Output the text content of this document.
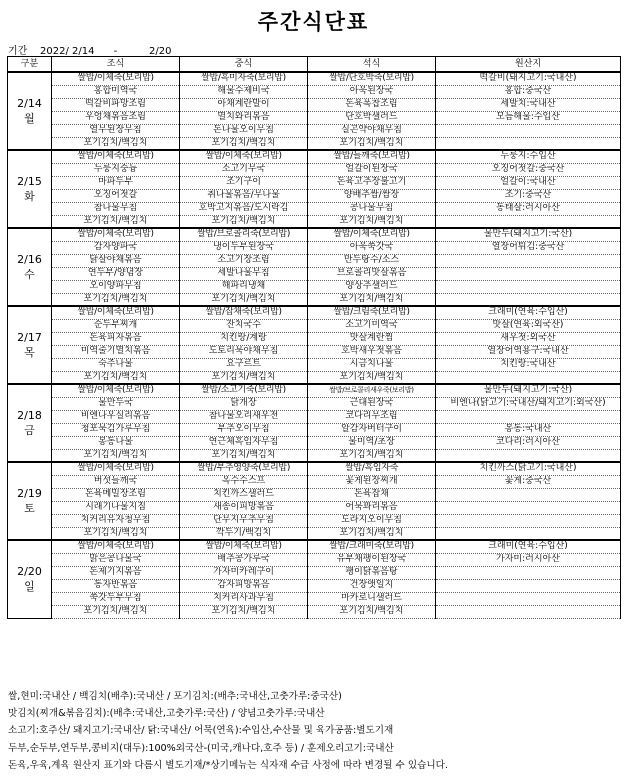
주간식단표
기간 2022/ 2/14 -	2/20
구분	조식	중식	석식	원산지

2/14
월	쌀밥/이체죽(보리밥)	쌀밥/흑미자죽(보리밥)	쌀밥/단호박죽(보리밥)	떡갈비(돼지고기:국내산)
	홍합미역국	해물수제비국	아욱된장국	홍합:중국산
	떡갈비파망조림	아채계란말이	돈육폭찹조림	세발치:국내산
	우엉채볶음조림	멸치와리볶음	단호박샐러드	모듬해물:수입산
	열무된장무침	돈나물오이무침	실곤약야채무침	
	포기김치/백김치	포기김치/백김치	포기김치/백김치	

2/15
화	쌀밥/이체죽(보리밥)	쌀밥/이체죽(보리밥)	쌀밥/들깨죽(보리밥)	누룽지:수입산
	누룽지숭늉	소고기무국	얼갈이된장국	오징어젓갈:중국산
	마파두부	조기구이	돈육고추장불고기	얼갈이:국내산
	오징어젓갈	취나물볶음/무나물	양배추쌈/쌈장	조기:중국산
	참나물무침	호박고지볶음/도시락김	콩나물무침	동태살:러시아산
	포기김치/백김치	포기김치/백김치	포기김치/백김치	

2/16
수	쌀밥/이체죽(보리밥)	쌀밥/브로콜리죽(보리밥)	쌀밥/이체죽(보리밥)	물만두(돼지고기:국산)
	감자양파국	냉이두부된장국	아욱쑥갓국	열장어튀김:중국산
	닭살야채볶음	소고기장조림	만두탕수/소스	
	연두부/양념장	세발나물무침	브로콜리맛살볶음	
	오이양파무침	해파리냉채	양상추샐러드	
	포기김치/백김치	포기김치/백김치	포기김치/백김치	

2/17
목	쌀밥/이체죽(보리밥)	쌀밥/잡채죽(보리밥)	쌀밥/크림죽(보리밥)	크래미(연육:수입산)
	순두부찌개	잔치국수	소고기미역국	맛살(연육:외국산)
	돈육피자볶음	치킨랑/계랑	맛살계란찜	새우젓:외국산
	미역줄기멸치볶음	도토리묵야채무침	호박새우젓볶음	열장어역용구:국내산
	숙주나물	요구르트	시금치나물	치킨랑:국내산
	포기김치/백김치	포기김치/백김치	포기김치/백김치	

2/18
금	쌀밥/이체죽(보리밥)	쌀밥/소고기죽(보리밥)	쌀밥/브로콜리새우죽(보리밥)	물만두(돼지고기:국산)
	물만두국	닭개장	근대된장국	비엔나(닭고기:국내산/돼지고기:외국산)
	비엔나우실리볶음	참나물오리새우전	코다리무조림	
	청포묵김가루무침	부추오이무침	알감자버터구이	봉동:국내산
	봉동나물	연근체흑임자무침	물미역/초장	코다리:러시아산
	포기김치/백김치	포기김치/백김치	포기김치/백김치	

2/19
토	쌀밥/이체죽(보리밥)	쌀밥/부추영양죽(보리밥)	쌀밥/흑임자죽	치킨까스(닭고기:국내산)
	버섯들깨국	옥수수스프	꽃게된장찌개	꽃게:중국산
	돈육메밀장조림	치킨까스샐러드	돈육잡채	
	시래기나물지짐	새송이피망볶음	어묵꽈리볶음	
	치커리유자청무침	단무지무추무침	도라지오이무침	
	포기김치/백김치	깍두기/백김치	포기김치/백김치	

2/20
일	쌀밥/이체죽(보리밥)	쌀밥/이체죽(보리밥)	쌀밥/크래미죽(보리밥)	크래미(연육:수입산)
	맑은콩나물국	배추콩가루국	유부채팽이된장국	가자미:러시아산
	돈제기지볶음	가자미카레구이	팽이닭볶음탕	
	동자반볶음	감자피망볶음	건장앳일지	
	쑥갓두부무침	치커리사과무침	마카로니샐러드	
	포기김치/백김치	포기김치/백김치	포기김치/백김치	
쌀,현미:국내산 / 백김치(배추):국내산 / 포기김치:(배추:국내산,고춧가루:중국산)
맛김치(찌개&볶음김치):(배추:국내산,고춧가루:국산) / 양념고춧가루:국내산
소고기:호주산/ 돼지고기:국내산/ 닭:국내산/ 어묵(연육):수입산,수산물 및 육가공품:별도기재
두부,순두부,연두부,콩비지(대두):100%외국산-(미국,캐나다,호주 등) / 훈제오리고기:국내산
돈육,우육,계육 원산지 표기와 다름시 별도기재/*상기메뉴는 식자재 수급 사정에 따라 변경될 수 있습니다.
